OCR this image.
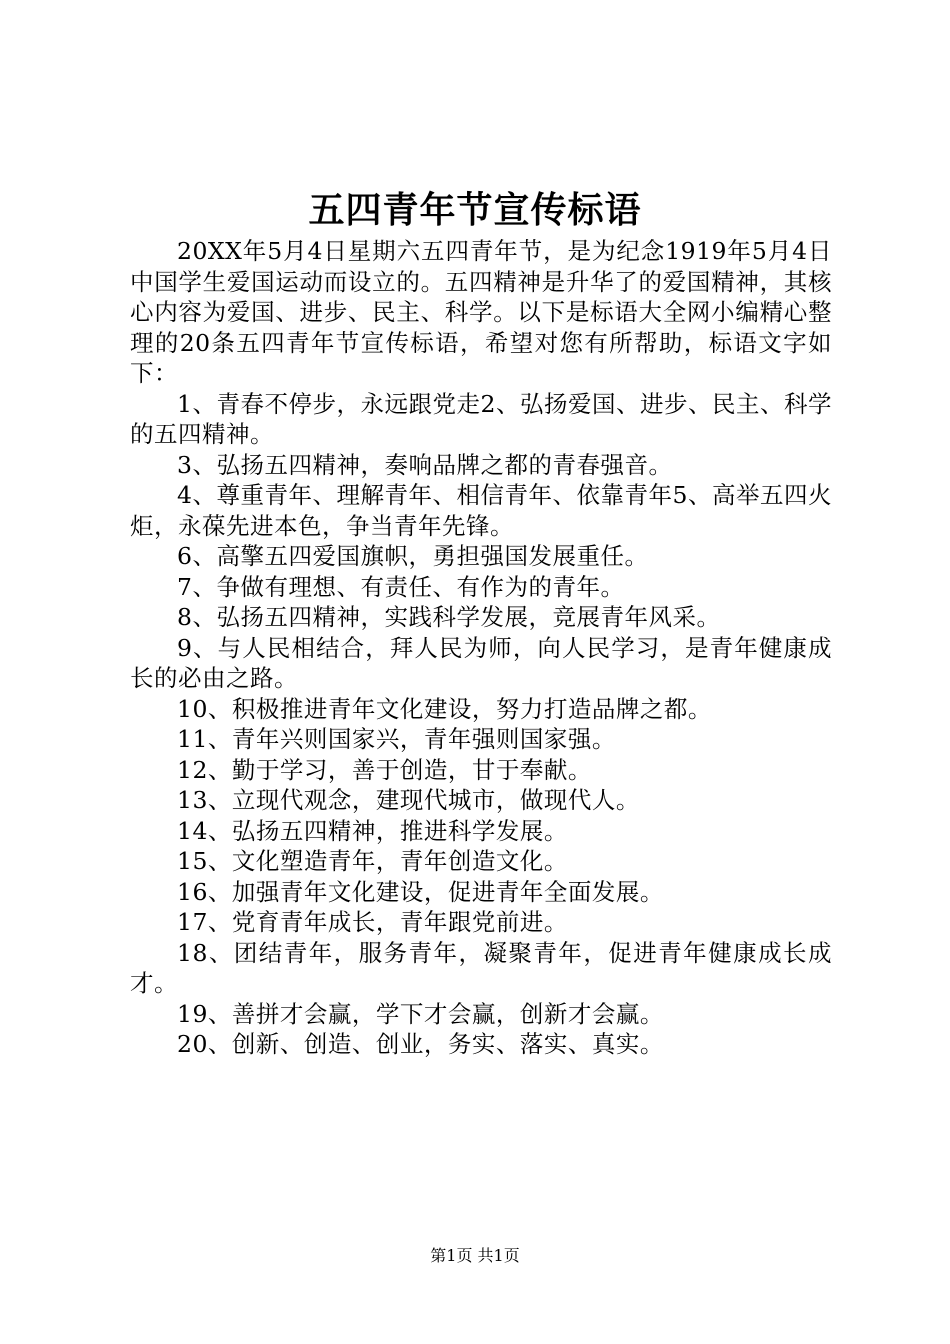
五四青年节宣传标语

20XX年5月4日星期六五四青年节，是为纪念1919年5月4日中国学生爱国运动而设立的。五四精神是升华了的爱国精神，其核心内容为爱国、进步、民主、科学。以下是标语大全网小编精心整理的20条五四青年节宣传标语，希望对您有所帮助，标语文字如下：

1、青春不停步，永远跟党走2、弘扬爱国、进步、民主、科学的五四精神。

3、弘扬五四精神，奏响品牌之都的青春强音。

4、尊重青年、理解青年、相信青年、依靠青年5、高举五四火炬，永葆先进本色，争当青年先锋。

6、高擎五四爱国旗帜，勇担强国发展重任。

7、争做有理想、有责任、有作为的青年。

8、弘扬五四精神，实践科学发展，竞展青年风采。

9、与人民相结合，拜人民为师，向人民学习，是青年健康成长的必由之路。

10、积极推进青年文化建设，努力打造品牌之都。

11、青年兴则国家兴，青年强则国家强。

12、勤于学习，善于创造，甘于奉献。

13、立现代观念，建现代城市，做现代人。

14、弘扬五四精神，推进科学发展。

15、文化塑造青年，青年创造文化。

16、加强青年文化建设，促进青年全面发展。

17、党育青年成长，青年跟党前进。

18、团结青年，服务青年，凝聚青年，促进青年健康成长成才。

19、善拼才会赢，学下才会赢，创新才会赢。

20、创新、创造、创业，务实、落实、真实。

第1页 共1页
